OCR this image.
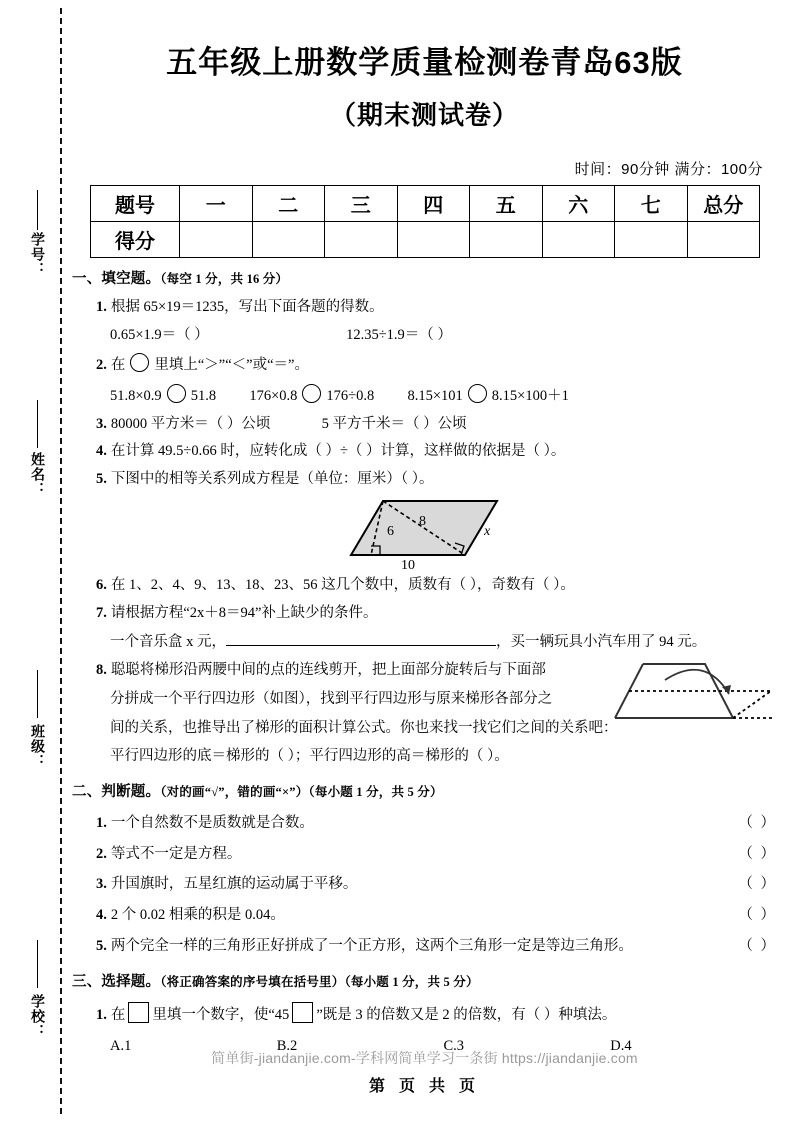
学号：
姓名：
班级：
学校：
五年级上册数学质量检测卷青岛63版
（期末测试卷）
时间：90分钟 满分：100分
题号	一	二	三	四	五	六	七	总分
得分								
一、填空题。（每空 1 分，共 16 分）
1. 根据 65×19＝1235，写出下面各题的得数。
0.65×1.9＝（ ）	12.35÷1.9＝（ ）
2. 在 里填上“＞”“＜”或“＝”。
51.8×0.9 51.8 176×0.8 176÷0.8 8.15×101 8.15×100＋1
3. 80000 平方米＝（ ）公顷	5 平方千米＝（ ）公顷
4. 在计算 49.5÷0.66 时，应转化成（ ）÷（ ）计算，这样做的依据是（ ）。
5. 下图中的相等关系列成方程是（单位：厘米）（ ）。
6
8
x
10
6. 在 1、2、4、9、13、18、23、56 这几个数中，质数有（ ），奇数有（ ）。
7. 请根据方程“2x＋8＝94”补上缺少的条件。
一个音乐盒 x 元，	，买一辆玩具小汽车用了 94 元。
8. 聪聪将梯形沿两腰中间的点的连线剪开，把上面部分旋转后与下面部
分拼成一个平行四边形（如图），找到平行四边形与原来梯形各部分之
间的关系，也推导出了梯形的面积计算公式。你也来找一找它们之间的关系吧：
平行四边形的底＝梯形的（ ）；平行四边形的高＝梯形的（ ）。
二、判断题。（对的画“√”，错的画“×”）（每小题 1 分，共 5 分）
1. 一个自然数不是质数就是合数。	（ ）
2. 等式不一定是方程。	（ ）
3. 升国旗时，五星红旗的运动属于平移。	（ ）
4. 2 个 0.02 相乘的积是 0.04。	（ ）
5. 两个完全一样的三角形正好拼成了一个正方形，这两个三角形一定是等边三角形。	（ ）
三、选择题。（将正确答案的序号填在括号里）（每小题 1 分，共 5 分）
1. 在 里填一个数字，使“45 ”既是 3 的倍数又是 2 的倍数，有（ ）种填法。
A.1	B.2	C.3	D.4
简单街-jiandanjie.com-学科网简单学习一条街 https://jiandanjie.com
第 页 共 页
